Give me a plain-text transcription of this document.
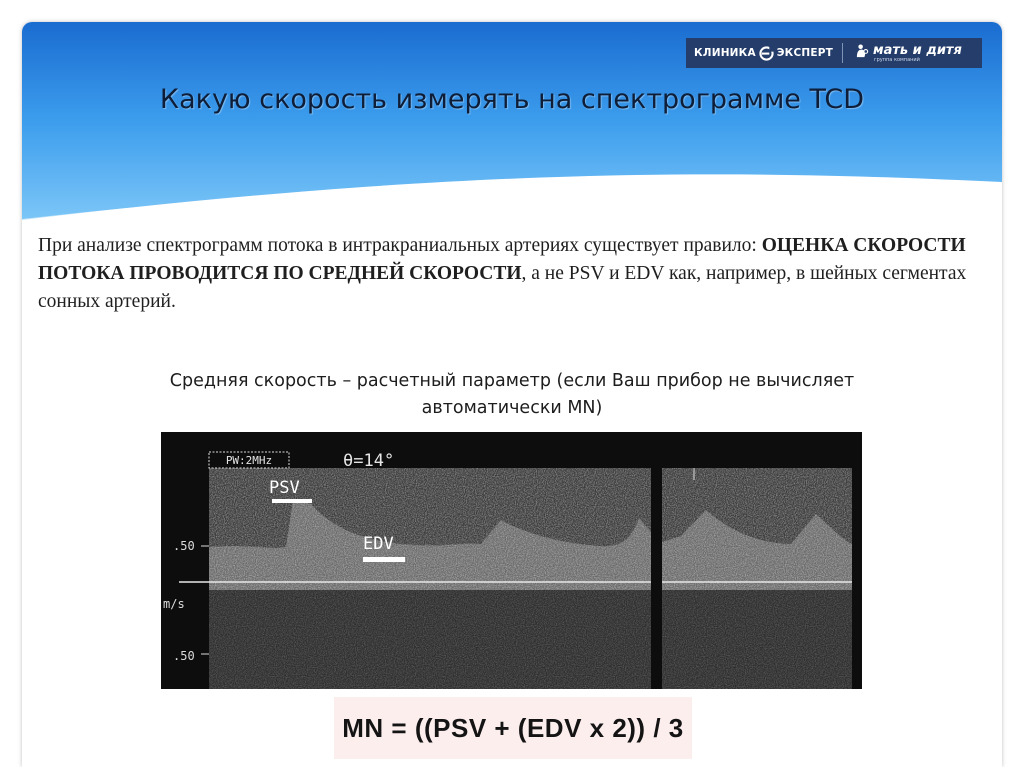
КЛИНИКА ЭКСПЕРТ	мать и дитя
группа компаний
Какую скорость измерять на спектрограмме TCD
При анализе спектрограмм потока в интракраниальных артериях существует правило: ОЦЕНКА СКОРОСТИ ПОТОКА ПРОВОДИТСЯ ПО СРЕДНЕЙ СКОРОСТИ, а не PSV и EDV как, например, в шейных сегментах сонных артерий.
Средняя скорость – расчетный параметр (если Ваш прибор не вычисляет
автоматически MN)
PW:2MHz	θ=14°
PSV
EDV
.50
m/s
.50
MN = ((PSV + (EDV x 2)) / 3
